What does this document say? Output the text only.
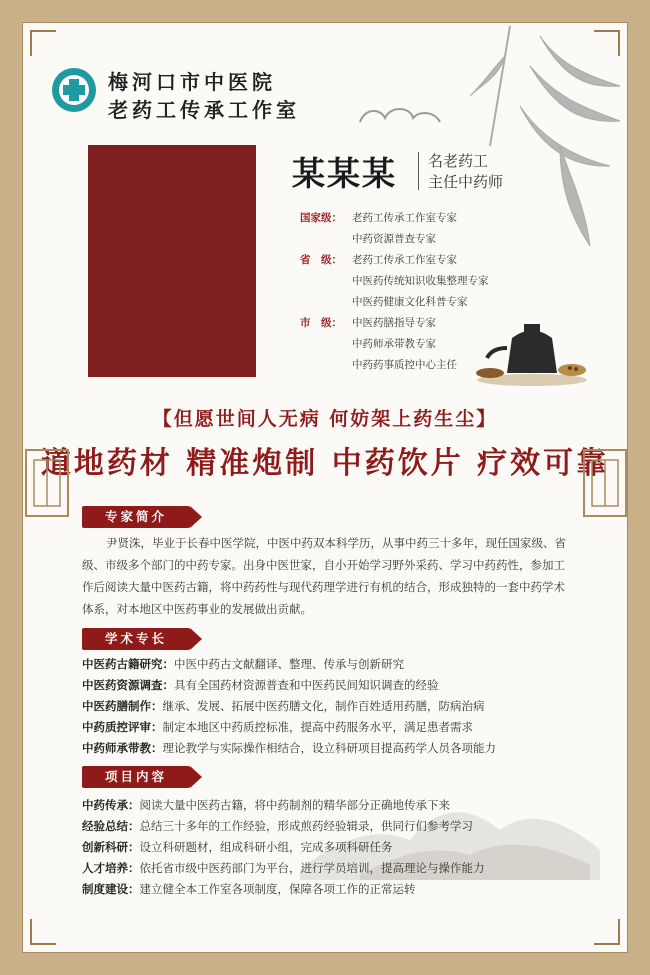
梅河口市中医院
老药工传承工作室
某某某 名老药工
主任中药师
国家级： 老药工传承工作室专家
中药资源普查专家
省　级： 老药工传承工作室专家
中医药传统知识收集整理专家
中医药健康文化科普专家
市　级： 中医药膳指导专家
中药师承带教专家
中药药事质控中心主任
【但愿世间人无病 何妨架上药生尘】
道地药材 精准炮制 中药饮片 疗效可靠
专家简介
尹贤洙，毕业于长春中医学院，中医中药双本科学历，从事中药三十多年，现任国家级、省级、市级多个部门的中药专家。出身中医世家，自小开始学习野外采药、学习中药药性，参加工作后阅读大量中医药古籍，将中药药性与现代药理学进行有机的结合，形成独特的一套中药学术体系，对本地区中医药事业的发展做出贡献。
学术专长
中医药古籍研究：中医中药古文献翻译、整理、传承与创新研究
中医药资源调查：具有全国药材资源普查和中医药民间知识调查的经验
中医药膳制作：继承、发展、拓展中医药膳文化，制作百姓适用药膳，防病治病
中药质控评审：制定本地区中药质控标准，提高中药服务水平，满足患者需求
中药师承带教：理论教学与实际操作相结合，设立科研项目提高药学人员各项能力
项目内容
中药传承：阅读大量中医药古籍，将中药制剂的精华部分正确地传承下来
经验总结：总结三十多年的工作经验，形成煎药经验辑录，供同行们参考学习
创新科研：设立科研题材，组成科研小组，完成多项科研任务
人才培养：依托省市级中医药部门为平台，进行学员培训，提高理论与操作能力
制度建设：建立健全本工作室各项制度，保障各项工作的正常运转
